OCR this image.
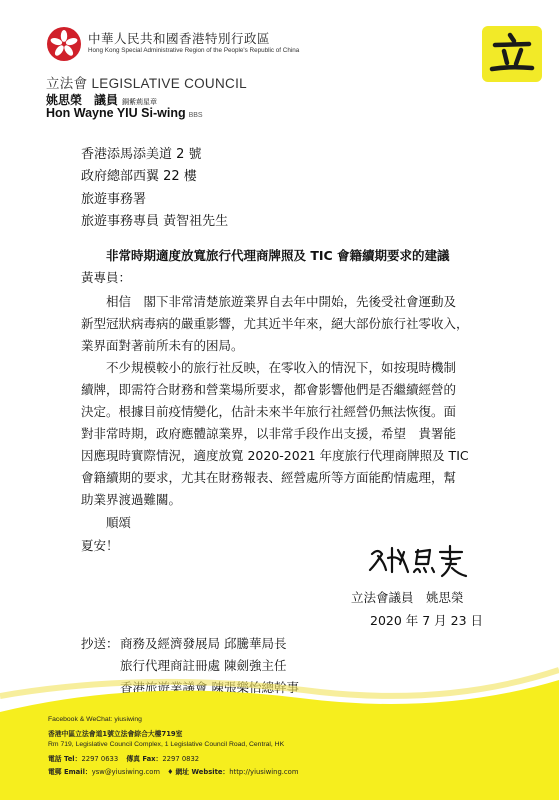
中華人民共和國香港特別行政區
Hong Kong Special Administrative Region of the People's Republic of China
立法會 LEGISLATIVE COUNCIL
姚思榮　議員 銅紫荊星章
Hon Wayne YIU Si-wing BBS
香港添馬添美道 2 號
政府總部西翼 22 樓
旅遊事務署
旅遊事務專員 黃智祖先生
非常時期適度放寬旅行代理商牌照及 TIC 會籍續期要求的建議
黃專員：
相信　閣下非常清楚旅遊業界自去年中開始，先後受社會運動及
新型冠狀病毒病的嚴重影響，尤其近半年來，絕大部份旅行社零收入，
業界面對著前所未有的困局。
不少規模較小的旅行社反映，在零收入的情況下，如按現時機制
續牌，即需符合財務和營業場所要求，都會影響他們是否繼續經營的
決定。根據目前疫情變化，估計未來半年旅行社經營仍無法恢復。面
對非常時期，政府應體諒業界，以非常手段作出支援，希望　貴署能
因應現時實際情況，適度放寬 2020-2021 年度旅行代理商牌照及 TIC
會籍續期的要求，尤其在財務報表、經營處所等方面能酌情處理，幫
助業界渡過難關。
順頌
夏安！
立法會議員　姚思榮
2020 年 7 月 23 日
抄送： 商務及經濟發展局 邱騰華局長
旅行代理商註冊處 陳劍強主任
香港旅遊業議會 陳張樂怡總幹事
Facebook & WeChat: yiusiwing
香港中區立法會道1號立法會綜合大樓719室
Rm 719, Legislative Council Complex, 1 Legislative Council Road, Central, HK
電話 Tel：2297 0633 傳真 Fax：2297 0832
電郵 Email：ysw@yiusiwing.com ♦ 網址 Website：http://yiusiwing.com
